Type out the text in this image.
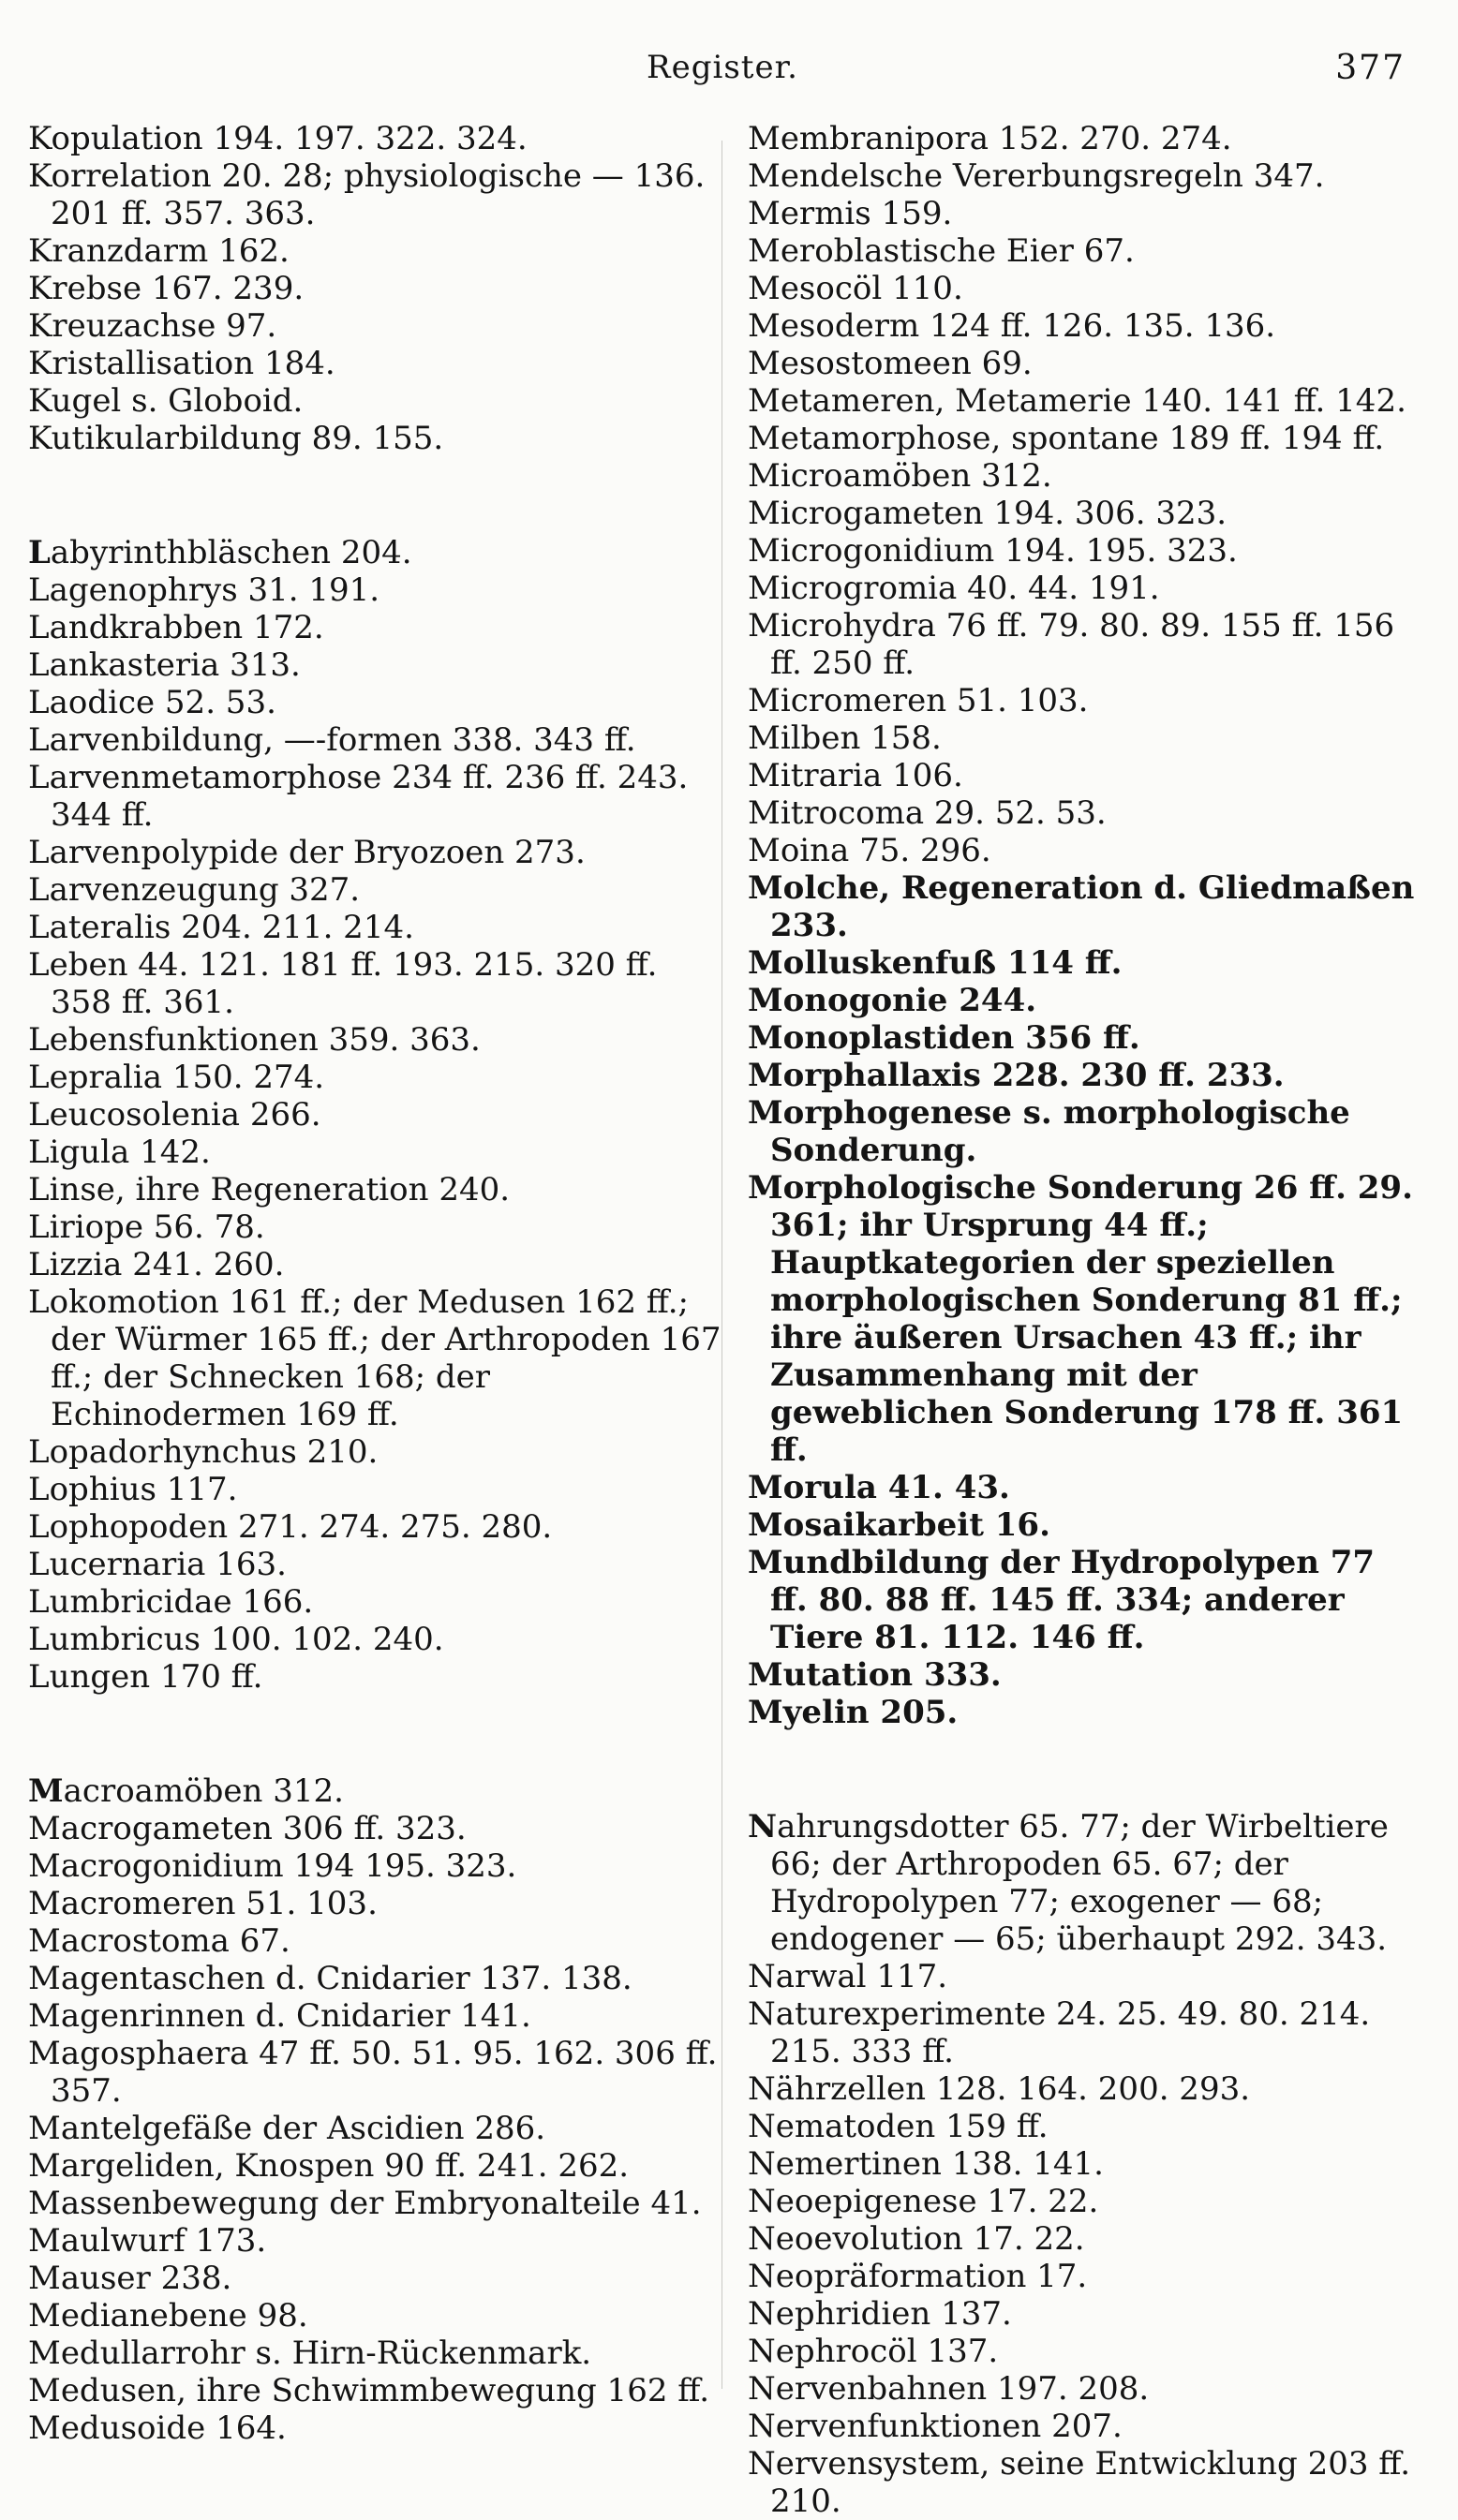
Register.	377
Kopulation 194. 197. 322. 324.
Korrelation 20. 28; physiologische — 136. 201 ff. 357. 363.
Kranzdarm 162.
Krebse 167. 239.
Kreuzachse 97.
Kristallisation 184.
Kugel s. Globoid.
Kutikularbildung 89. 155.
Labyrinthbläschen 204.
Lagenophrys 31. 191.
Landkrabben 172.
Lankasteria 313.
Laodice 52. 53.
Larvenbildung, —-formen 338. 343 ff.
Larvenmetamorphose 234 ff. 236 ff. 243. 344 ff.
Larvenpolypide der Bryozoen 273.
Larvenzeugung 327.
Lateralis 204. 211. 214.
Leben 44. 121. 181 ff. 193. 215. 320 ff. 358 ff. 361.
Lebensfunktionen 359. 363.
Lepralia 150. 274.
Leucosolenia 266.
Ligula 142.
Linse, ihre Regeneration 240.
Liriope 56. 78.
Lizzia 241. 260.
Lokomotion 161 ff.; der Medusen 162 ff.; der Würmer 165 ff.; der Arthropoden 167 ff.; der Schnecken 168; der Echinodermen 169 ff.
Lopadorhynchus 210.
Lophius 117.
Lophopoden 271. 274. 275. 280.
Lucernaria 163.
Lumbricidae 166.
Lumbricus 100. 102. 240.
Lungen 170 ff.
Macroamöben 312.
Macrogameten 306 ff. 323.
Macrogonidium 194 195. 323.
Macromeren 51. 103.
Macrostoma 67.
Magentaschen d. Cnidarier 137. 138.
Magenrinnen d. Cnidarier 141.
Magosphaera 47 ff. 50. 51. 95. 162. 306 ff. 357.
Mantelgefäße der Ascidien 286.
Margeliden, Knospen 90 ff. 241. 262.
Massenbewegung der Embryonalteile 41.
Maulwurf 173.
Mauser 238.
Medianebene 98.
Medullarrohr s. Hirn-Rückenmark.
Medusen, ihre Schwimmbewegung 162 ff.
Medusoide 164.
Membranipora 152. 270. 274.
Mendelsche Vererbungsregeln 347.
Mermis 159.
Meroblastische Eier 67.
Mesocöl 110.
Mesoderm 124 ff. 126. 135. 136.
Mesostomeen 69.
Metameren, Metamerie 140. 141 ff. 142.
Metamorphose, spontane 189 ff. 194 ff.
Microamöben 312.
Microgameten 194. 306. 323.
Microgonidium 194. 195. 323.
Microgromia 40. 44. 191.
Microhydra 76 ff. 79. 80. 89. 155 ff. 156 ff. 250 ff.
Micromeren 51. 103.
Milben 158.
Mitraria 106.
Mitrocoma 29. 52. 53.
Moina 75. 296.
Molche, Regeneration d. Gliedmaßen 233.
Molluskenfuß 114 ff.
Monogonie 244.
Monoplastiden 356 ff.
Morphallaxis 228. 230 ff. 233.
Morphogenese s. morphologische Sonderung.
Morphologische Sonderung 26 ff. 29. 361; ihr Ursprung 44 ff.; Hauptkategorien der speziellen morphologischen Sonderung 81 ff.; ihre äußeren Ursachen 43 ff.; ihr Zusammenhang mit der geweblichen Sonderung 178 ff. 361 ff.
Morula 41. 43.
Mosaikarbeit 16.
Mundbildung der Hydropolypen 77 ff. 80. 88 ff. 145 ff. 334; anderer Tiere 81. 112. 146 ff.
Mutation 333.
Myelin 205.
Nahrungsdotter 65. 77; der Wirbeltiere 66; der Arthropoden 65. 67; der Hydropolypen 77; exogener — 68; endogener — 65; überhaupt 292. 343.
Narwal 117.
Naturexperimente 24. 25. 49. 80. 214. 215. 333 ff.
Nährzellen 128. 164. 200. 293.
Nematoden 159 ff.
Nemertinen 138. 141.
Neoepigenese 17. 22.
Neoevolution 17. 22.
Neopräformation 17.
Nephridien 137.
Nephrocöl 137.
Nervenbahnen 197. 208.
Nervenfunktionen 207.
Nervensystem, seine Entwicklung 203 ff. 210.
